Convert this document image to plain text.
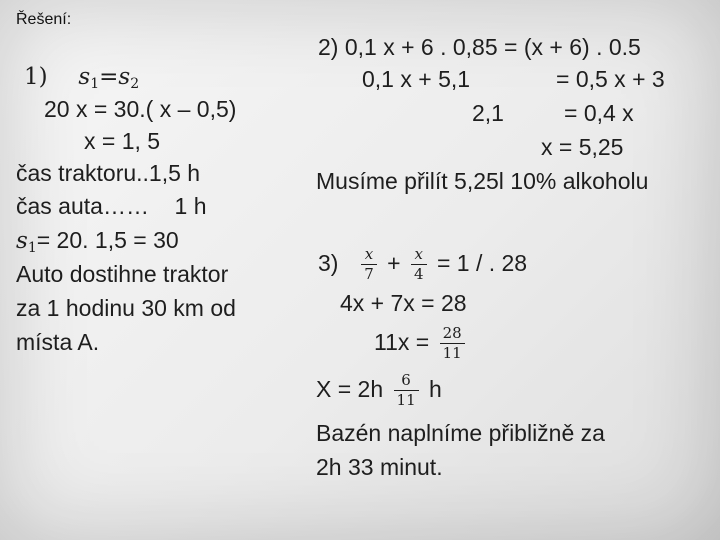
Řešení:
1) $s_1=s_2$
20 x = 30.( x – 0,5)
x = 1, 5
čas traktoru..1,5 h
čas auta……    1 h
$s_1= 20$. 1,5 = 30
Auto dostihne traktor
za 1 hodinu 30 km od
místa A.
2) 0,1 x + 6 . 0,85 = (x + 6) . 0.5
0,1 x + 5,1	= 0,5 x + 3
2,1	= 0,4 x
x = 5,25
Musíme přilít 5,25l 10% alkoholu
$3) \frac{x}{7} + \frac{x}{4} = 1$ / . 28
4x + 7x = 28
$11x = \frac{28}{11}$
$X = 2h \frac{6}{11}$ h
Bazén naplníme přibližně za
2h 33 minut.
